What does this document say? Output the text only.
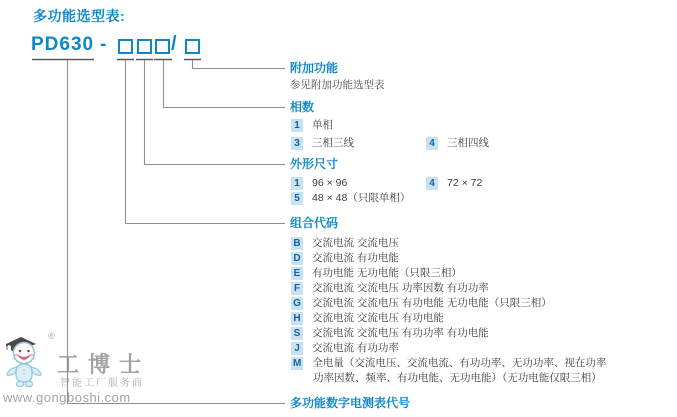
®
工博士
智能工厂服务商
www.gongboshi.com
多功能选型表:
PD630 -	/
附加功能
参见附加功能选型表
相数
1	单相
3	三相三线	4	三相四线
外形尺寸
1	96 × 96	4	72 × 72
5	48 × 48（只限单相）
组合代码
B 交流电流 交流电压
D 交流电流 有功电能
E 有功电能 无功电能（只限三相）
F 交流电流 交流电压 功率因数 有功功率
G 交流电流 交流电压 有功电能 无功电能（只限三相）
H 交流电流 交流电压 有功电能
S 交流电流 交流电压 有功功率 有功电能
J	交流电流 有功功率
M 全电量（交流电压、交流电流、有功功率、无功功率、视在功率
功率因数、频率、有功电能、无功电能）（无功电能仅限三相）
多功能数字电测表代号
